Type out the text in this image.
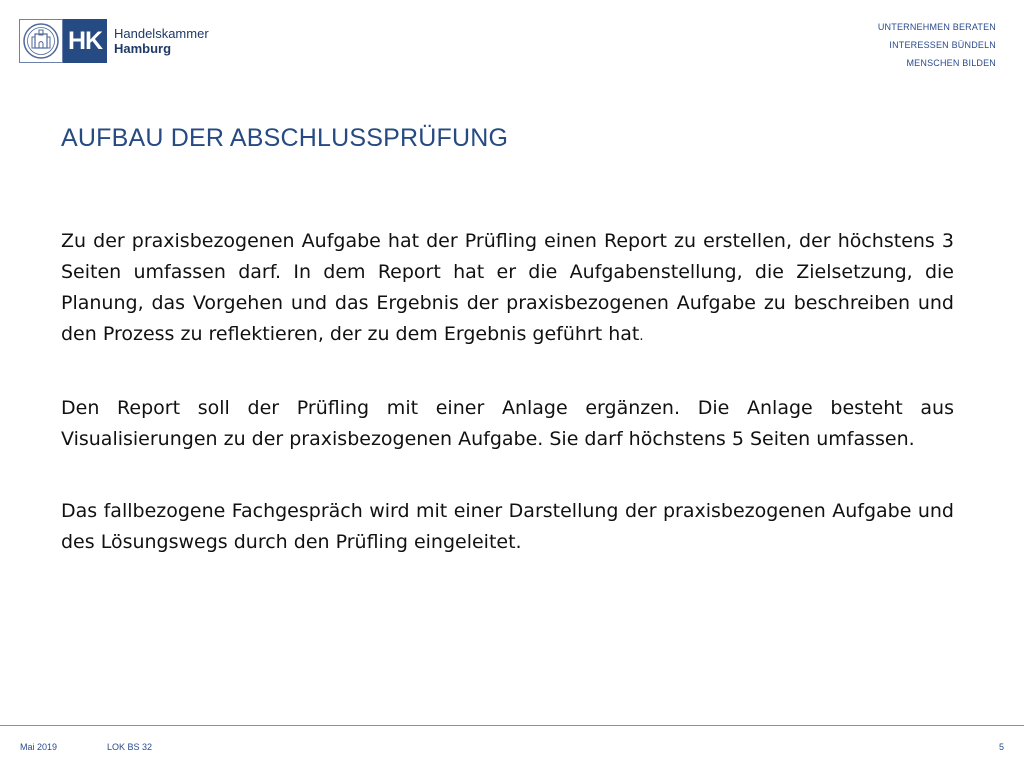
HK Handelskammer
Hamburg
UNTERNEHMEN BERATEN
INTERESSEN BÜNDELN
MENSCHEN BILDEN
AUFBAU DER ABSCHLUSSPRÜFUNG

Zu der praxisbezogenen Aufgabe hat der Prüfling einen Report zu erstellen, der höchstens 3 Seiten umfassen darf. In dem Report hat er die Aufgabenstellung, die Zielsetzung, die Planung, das Vorgehen und das Ergebnis der praxisbezogenen Aufgabe zu beschreiben und den Prozess zu reflektieren, der zu dem Ergebnis geführt hat.

Den Report soll der Prüfling mit einer Anlage ergänzen. Die Anlage besteht aus Visualisierungen zu der praxisbezogenen Aufgabe. Sie darf höchstens 5 Seiten umfassen.

Das fallbezogene Fachgespräch wird mit einer Darstellung der praxisbezogenen Aufgabe und des Lösungswegs durch den Prüfling eingeleitet.

Mai 2019	LOK BS 32	5
